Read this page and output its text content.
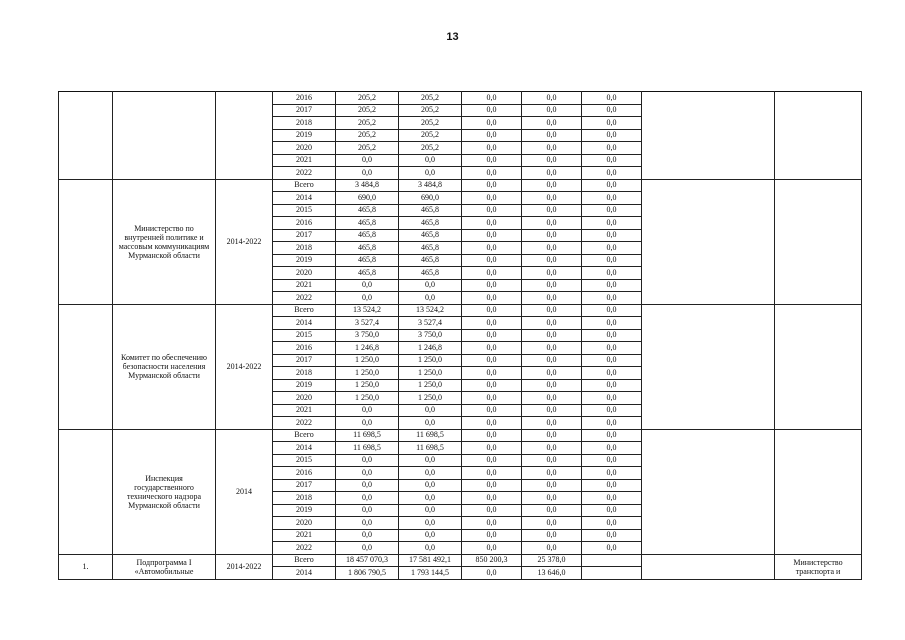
13
			2016	205,2	205,2	0,0	0,0	0,0		
			2017	205,2	205,2	0,0	0,0	0,0		
			2018	205,2	205,2	0,0	0,0	0,0		
			2019	205,2	205,2	0,0	0,0	0,0		
			2020	205,2	205,2	0,0	0,0	0,0		
			2021	0,0	0,0	0,0	0,0	0,0		
			2022	0,0	0,0	0,0	0,0	0,0		
	Министерство по внутренней политике и массовым коммуникациям Мурманской области	2014-2022	Всего	3 484,8	3 484,8	0,0	0,0	0,0		
			2014	690,0	690,0	0,0	0,0	0,0		
			2015	465,8	465,8	0,0	0,0	0,0		
			2016	465,8	465,8	0,0	0,0	0,0		
			2017	465,8	465,8	0,0	0,0	0,0		
			2018	465,8	465,8	0,0	0,0	0,0		
			2019	465,8	465,8	0,0	0,0	0,0		
			2020	465,8	465,8	0,0	0,0	0,0		
			2021	0,0	0,0	0,0	0,0	0,0		
			2022	0,0	0,0	0,0	0,0	0,0		
	Комитет по обеспечению безопасности населения Мурманской области	2014-2022	Всего	13 524,2	13 524,2	0,0	0,0	0,0		
			2014	3 527,4	3 527,4	0,0	0,0	0,0		
			2015	3 750,0	3 750,0	0,0	0,0	0,0		
			2016	1 246,8	1 246,8	0,0	0,0	0,0		
			2017	1 250,0	1 250,0	0,0	0,0	0,0		
			2018	1 250,0	1 250,0	0,0	0,0	0,0		
			2019	1 250,0	1 250,0	0,0	0,0	0,0		
			2020	1 250,0	1 250,0	0,0	0,0	0,0		
			2021	0,0	0,0	0,0	0,0	0,0		
			2022	0,0	0,0	0,0	0,0	0,0		
	Инспекция государственного технического надзора Мурманской области	2014	Всего	11 698,5	11 698,5	0,0	0,0	0,0		
			2014	11 698,5	11 698,5	0,0	0,0	0,0		
			2015	0,0	0,0	0,0	0,0	0,0		
			2016	0,0	0,0	0,0	0,0	0,0		
			2017	0,0	0,0	0,0	0,0	0,0		
			2018	0,0	0,0	0,0	0,0	0,0		
			2019	0,0	0,0	0,0	0,0	0,0		
			2020	0,0	0,0	0,0	0,0	0,0		
			2021	0,0	0,0	0,0	0,0	0,0		
			2022	0,0	0,0	0,0	0,0	0,0		
1.	Подпрограмма I «Автомобильные	2014-2022	Всего	18 457 070,3	17 581 492,1	850 200,3	25 378,0			Министерство транспорта и
			2014	1 806 790,5	1 793 144,5	0,0	13 646,0			
